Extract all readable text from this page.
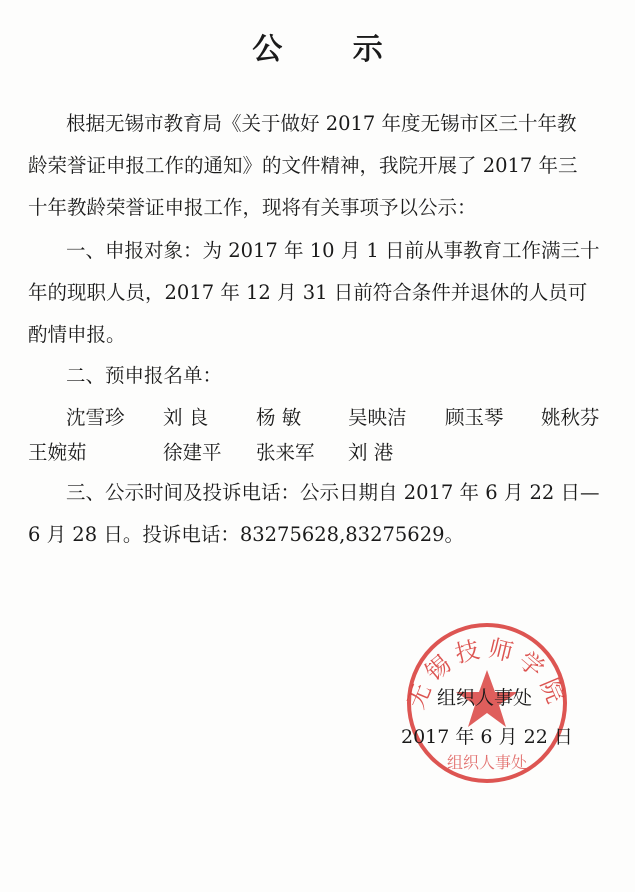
公 示
根据无锡市教育局《关于做好 2017 年度无锡市区三十年教
龄荣誉证申报工作的通知》的文件精神，我院开展了 2017 年三
十年教龄荣誉证申报工作，现将有关事项予以公示：
一、申报对象：为 2017 年 10 月 1 日前从事教育工作满三十
年的现职人员，2017 年 12 月 31 日前符合条件并退休的人员可
酌情申报。
二、预申报名单：
沈雪珍 刘 良 杨 敏 吴映洁 顾玉琴 姚秋芬
王婉茹	徐建平 张来军 刘 港
三、公示时间及投诉电话：公示日期自 2017 年 6 月 22 日—
6 月 28 日。投诉电话：83275628,83275629。
无锡技师学院
组织人事处
组织人事处
2017 年 6 月 22 日
